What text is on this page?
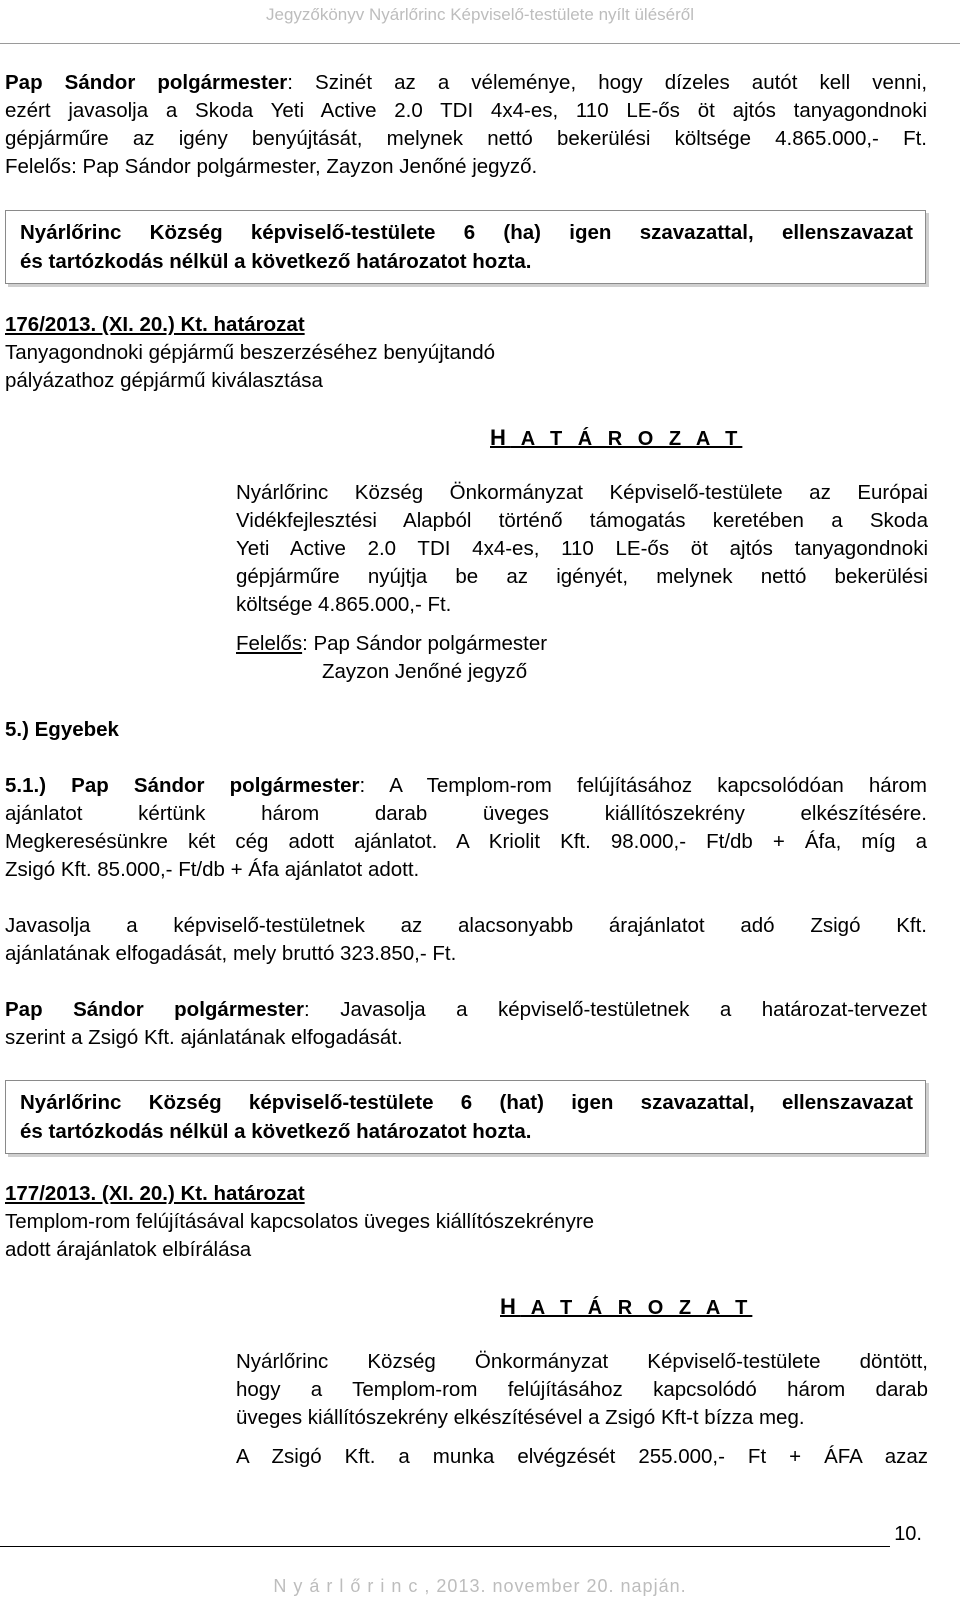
Jegyzőkönyv Nyárlőrinc Képviselő-testülete nyílt üléséről
Pap Sándor polgármester: Szinét az a véleménye, hogy dízeles autót kell venni,
ezért javasolja a Skoda Yeti Active 2.0 TDI 4x4-es, 110 LE-ős öt ajtós tanyagondnoki
gépjárműre az igény benyújtását, melynek nettó bekerülési költsége 4.865.000,- Ft.
Felelős: Pap Sándor polgármester, Zayzon Jenőné jegyző.
Nyárlőrinc Község képviselő-testülete 6 (ha) igen szavazattal, ellenszavazat
és tartózkodás nélkül a következő határozatot hozta.
176/2013. (XI. 20.) Kt. határozat
Tanyagondnoki gépjármű beszerzéséhez benyújtandó
pályázathoz gépjármű kiválasztása
H A T Á R O Z A T
Nyárlőrinc Község Önkormányzat Képviselő-testülete az Európai
Vidékfejlesztési Alapból történő támogatás keretében a Skoda
Yeti Active 2.0 TDI 4x4-es, 110 LE-ős öt ajtós tanyagondnoki
gépjárműre nyújtja be az igényét, melynek nettó bekerülési
költsége 4.865.000,- Ft.
Felelős: Pap Sándor polgármester
Zayzon Jenőné jegyző
5.) Egyebek
5.1.) Pap Sándor polgármester: A Templom-rom felújításához kapcsolódóan három
ajánlatot kértünk három darab üveges kiállítószekrény elkészítésére.
Megkeresésünkre két cég adott ajánlatot. A Kriolit Kft. 98.000,- Ft/db + Áfa, míg a
Zsigó Kft. 85.000,- Ft/db + Áfa ajánlatot adott.
Javasolja a képviselő-testületnek az alacsonyabb árajánlatot adó Zsigó Kft.
ajánlatának elfogadását, mely bruttó 323.850,- Ft.
Pap Sándor polgármester: Javasolja a képviselő-testületnek a határozat-tervezet
szerint a Zsigó Kft. ajánlatának elfogadását.
Nyárlőrinc Község képviselő-testülete 6 (hat) igen szavazattal, ellenszavazat
és tartózkodás nélkül a következő határozatot hozta.
177/2013. (XI. 20.) Kt. határozat
Templom-rom felújításával kapcsolatos üveges kiállítószekrényre
adott árajánlatok elbírálása
H A T Á R O Z A T
Nyárlőrinc Község Önkormányzat Képviselő-testülete döntött,
hogy a Templom-rom felújításához kapcsolódó három darab
üveges kiállítószekrény elkészítésével a Zsigó Kft-t bízza meg.
A Zsigó Kft. a munka elvégzését 255.000,- Ft + ÁFA azaz
10.
N y á r l ő r i n c , 2013. november 20. napján.
